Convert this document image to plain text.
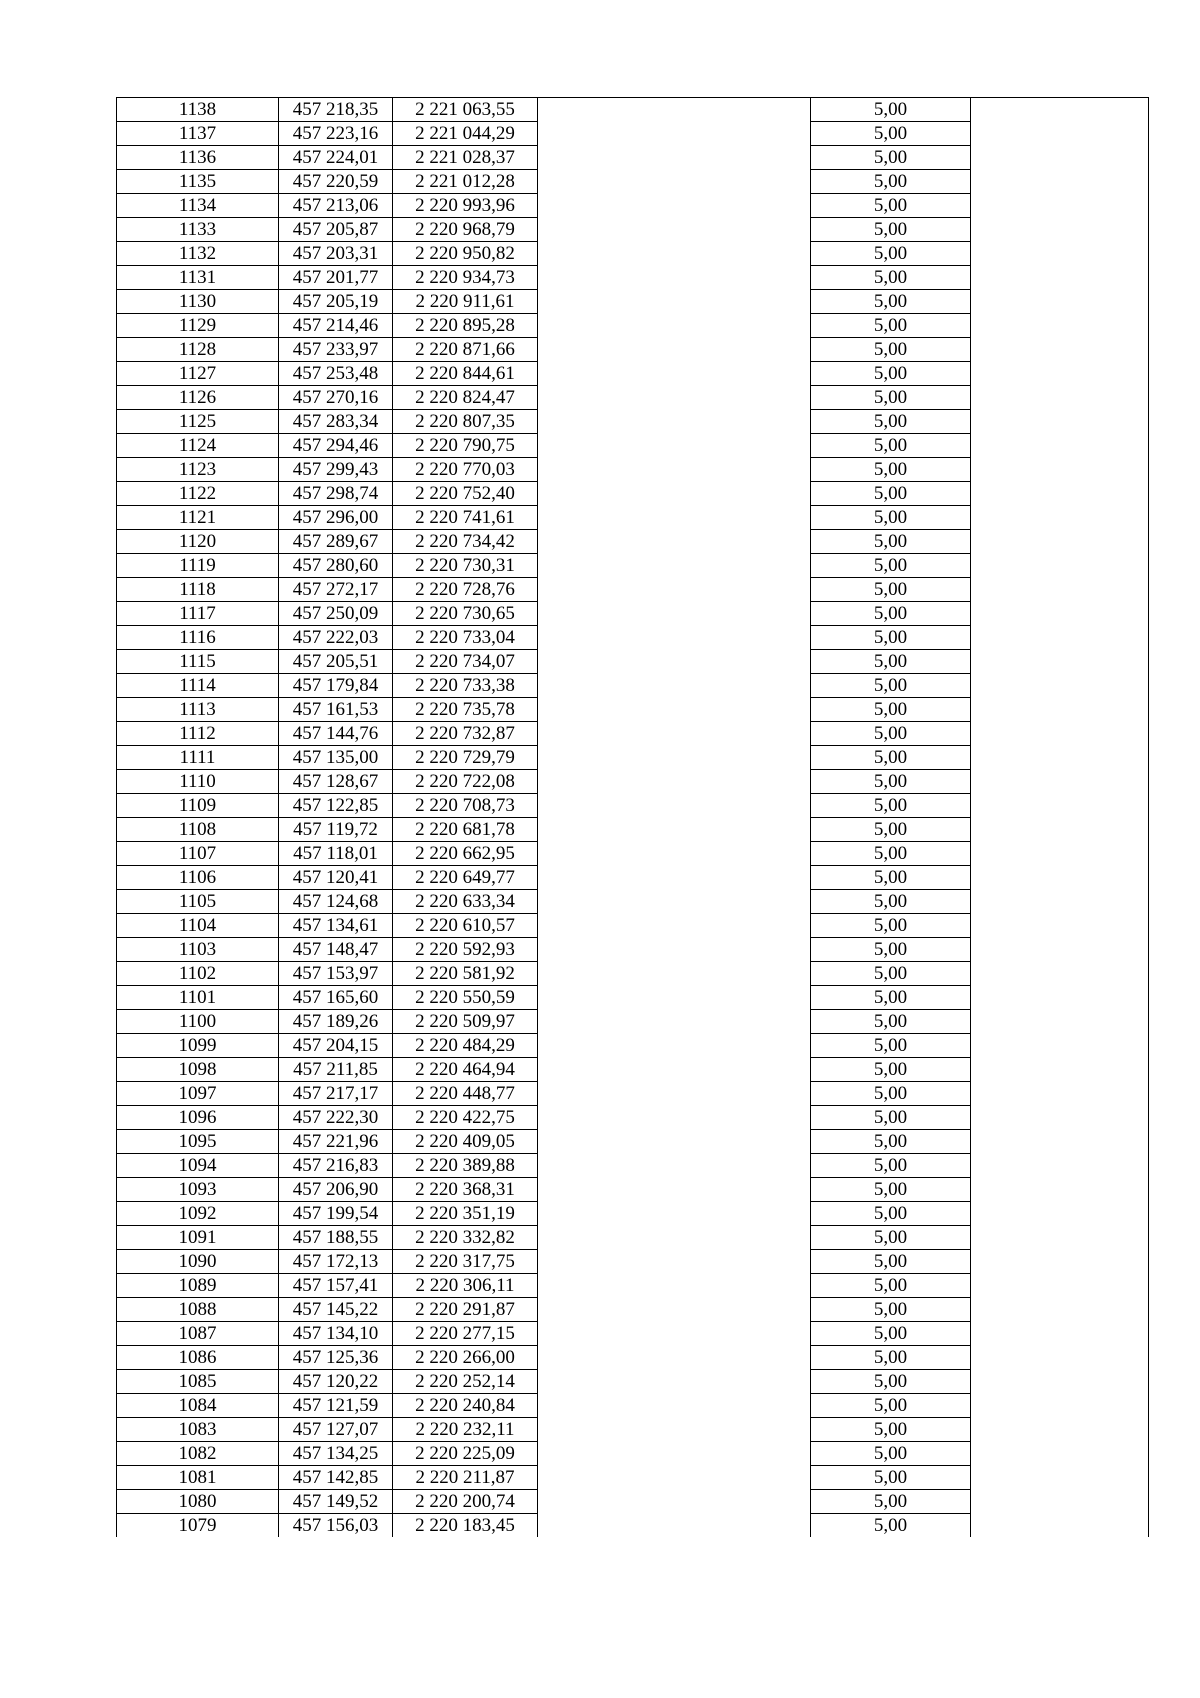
1138	457 218,35	2 221 063,55		5,00	
1137	457 223,16	2 221 044,29		5,00	
1136	457 224,01	2 221 028,37		5,00	
1135	457 220,59	2 221 012,28		5,00	
1134	457 213,06	2 220 993,96		5,00	
1133	457 205,87	2 220 968,79		5,00	
1132	457 203,31	2 220 950,82		5,00	
1131	457 201,77	2 220 934,73		5,00	
1130	457 205,19	2 220 911,61		5,00	
1129	457 214,46	2 220 895,28		5,00	
1128	457 233,97	2 220 871,66		5,00	
1127	457 253,48	2 220 844,61		5,00	
1126	457 270,16	2 220 824,47		5,00	
1125	457 283,34	2 220 807,35		5,00	
1124	457 294,46	2 220 790,75		5,00	
1123	457 299,43	2 220 770,03		5,00	
1122	457 298,74	2 220 752,40		5,00	
1121	457 296,00	2 220 741,61		5,00	
1120	457 289,67	2 220 734,42		5,00	
1119	457 280,60	2 220 730,31		5,00	
1118	457 272,17	2 220 728,76		5,00	
1117	457 250,09	2 220 730,65		5,00	
1116	457 222,03	2 220 733,04		5,00	
1115	457 205,51	2 220 734,07		5,00	
1114	457 179,84	2 220 733,38		5,00	
1113	457 161,53	2 220 735,78		5,00	
1112	457 144,76	2 220 732,87		5,00	
1111	457 135,00	2 220 729,79		5,00	
1110	457 128,67	2 220 722,08		5,00	
1109	457 122,85	2 220 708,73		5,00	
1108	457 119,72	2 220 681,78		5,00	
1107	457 118,01	2 220 662,95		5,00	
1106	457 120,41	2 220 649,77		5,00	
1105	457 124,68	2 220 633,34		5,00	
1104	457 134,61	2 220 610,57		5,00	
1103	457 148,47	2 220 592,93		5,00	
1102	457 153,97	2 220 581,92		5,00	
1101	457 165,60	2 220 550,59		5,00	
1100	457 189,26	2 220 509,97		5,00	
1099	457 204,15	2 220 484,29		5,00	
1098	457 211,85	2 220 464,94		5,00	
1097	457 217,17	2 220 448,77		5,00	
1096	457 222,30	2 220 422,75		5,00	
1095	457 221,96	2 220 409,05		5,00	
1094	457 216,83	2 220 389,88		5,00	
1093	457 206,90	2 220 368,31		5,00	
1092	457 199,54	2 220 351,19		5,00	
1091	457 188,55	2 220 332,82		5,00	
1090	457 172,13	2 220 317,75		5,00	
1089	457 157,41	2 220 306,11		5,00	
1088	457 145,22	2 220 291,87		5,00	
1087	457 134,10	2 220 277,15		5,00	
1086	457 125,36	2 220 266,00		5,00	
1085	457 120,22	2 220 252,14		5,00	
1084	457 121,59	2 220 240,84		5,00	
1083	457 127,07	2 220 232,11		5,00	
1082	457 134,25	2 220 225,09		5,00	
1081	457 142,85	2 220 211,87		5,00	
1080	457 149,52	2 220 200,74		5,00	
1079	457 156,03	2 220 183,45		5,00	
